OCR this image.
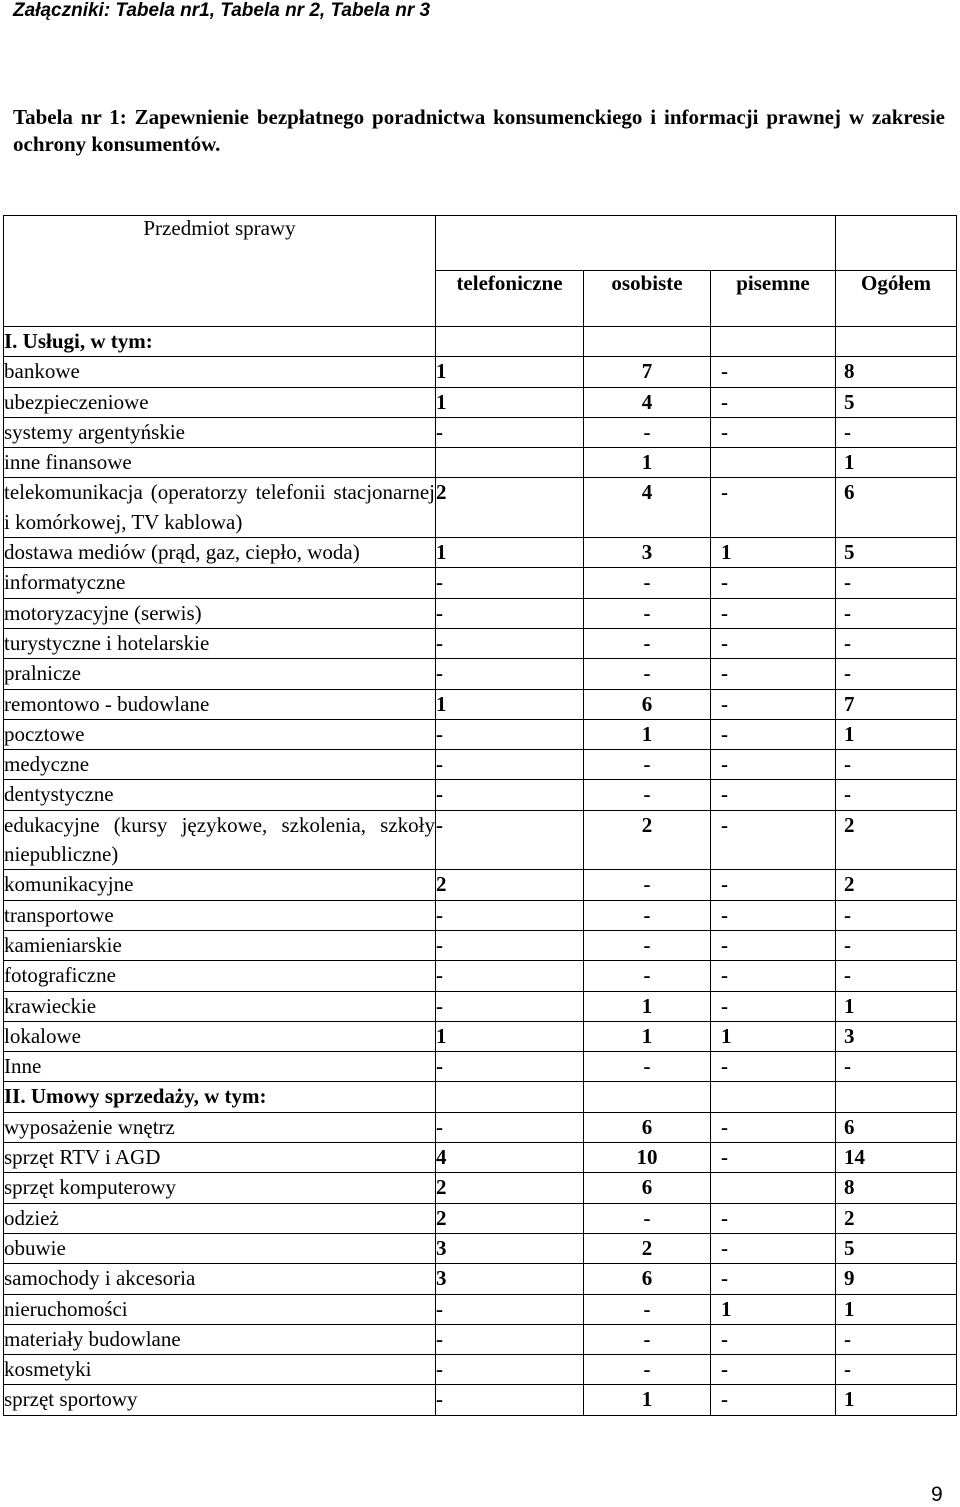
Załączniki: Tabela nr1, Tabela nr 2, Tabela nr 3
Tabela nr 1: Zapewnienie bezpłatnego poradnictwa konsumenckiego i informacji prawnej w zakresie ochrony konsumentów.
Przedmiot sprawy				
	telefoniczne	osobiste	pisemne	Ogółem
I. Usługi, w tym:				
bankowe	1	7	-	8
ubezpieczeniowe	1	4	-	5
systemy argentyńskie	-	-	-	-
inne finansowe		1		1
telekomunikacja (operatorzy telefonii stacjonarnej i komórkowej, TV kablowa)	2	4	-	6
dostawa mediów (prąd, gaz, ciepło, woda)	1	3	1	5
informatyczne	-	-	-	-
motoryzacyjne (serwis)	-	-	-	-
turystyczne i hotelarskie	-	-	-	-
pralnicze	-	-	-	-
remontowo - budowlane	1	6	-	7
pocztowe	-	1	-	1
medyczne	-	-	-	-
dentystyczne	-	-	-	-
edukacyjne (kursy językowe, szkolenia, szkoły niepubliczne)	-	2	-	2
komunikacyjne	2	-	-	2
transportowe	-	-	-	-
kamieniarskie	-	-	-	-
fotograficzne	-	-	-	-
krawieckie	-	1	-	1
lokalowe	1	1	1	3
Inne	-	-	-	-
II. Umowy sprzedaży, w tym:				
wyposażenie wnętrz	-	6	-	6
sprzęt RTV i AGD	4	10	-	14
sprzęt komputerowy	2	6		8
odzież	2	-	-	2
obuwie	3	2	-	5
samochody i akcesoria	3	6	-	9
nieruchomości	-	-	1	1
materiały budowlane	-	-	-	-
kosmetyki	-	-	-	-
sprzęt sportowy	-	1	-	1
9
